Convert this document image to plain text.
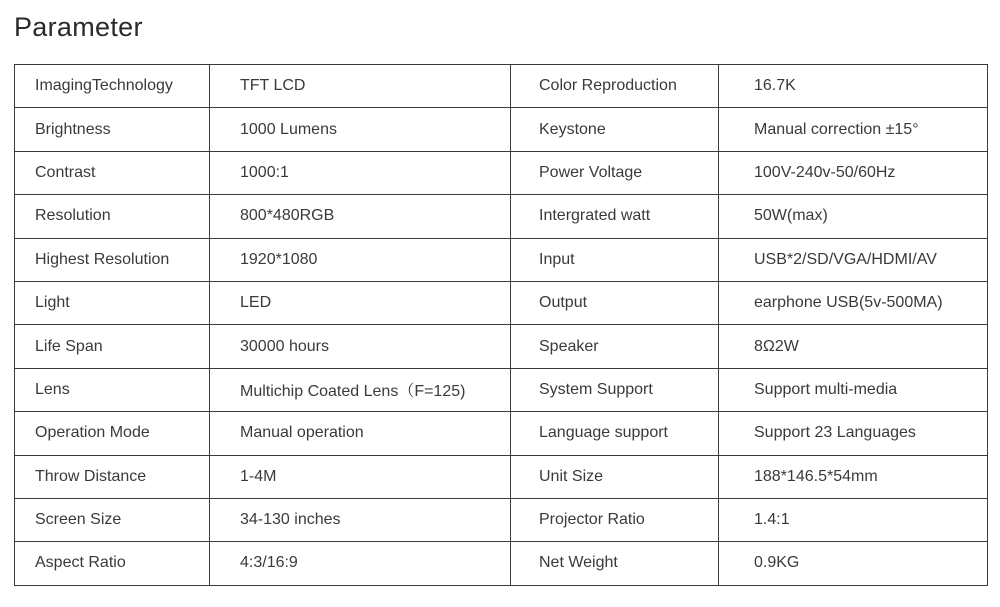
Parameter
ImagingTechnology	TFT LCD	Color Reproduction	16.7K
Brightness	1000 Lumens	Keystone	Manual correction ±15°
Contrast	1000:1	Power Voltage	100V-240v-50/60Hz
Resolution	800*480RGB	Intergrated watt	50W(max)
Highest Resolution	1920*1080	Input	USB*2/SD/VGA/HDMI/AV
Light	LED	Output	earphone USB(5v-500MA)
Life Span	30000 hours	Speaker	8Ω2W
Lens	Multichip Coated Lens（F=125)	System Support	Support multi-media
Operation Mode	Manual operation	Language support	Support 23 Languages
Throw Distance	1-4M	Unit Size	188*146.5*54mm
Screen Size	34-130 inches	Projector Ratio	1.4:1
Aspect Ratio	4:3/16:9	Net Weight	0.9KG
